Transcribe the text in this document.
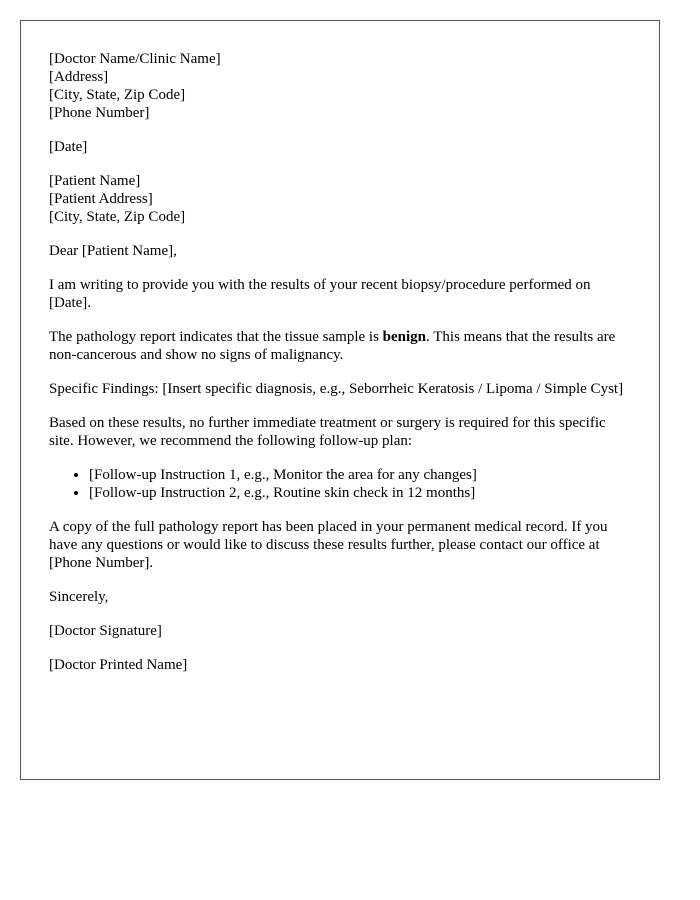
[Doctor Name/Clinic Name]
[Address]
[City, State, Zip Code]
[Phone Number]

[Date]

[Patient Name]
[Patient Address]
[City, State, Zip Code]

Dear [Patient Name],

I am writing to provide you with the results of your recent biopsy/procedure performed on [Date].

The pathology report indicates that the tissue sample is benign. This means that the results are non-cancerous and show no signs of malignancy.

Specific Findings: [Insert specific diagnosis, e.g., Seborrheic Keratosis / Lipoma / Simple Cyst]

Based on these results, no further immediate treatment or surgery is required for this specific site. However, we recommend the following follow-up plan:

• [Follow-up Instruction 1, e.g., Monitor the area for any changes]
• [Follow-up Instruction 2, e.g., Routine skin check in 12 months]

A copy of the full pathology report has been placed in your permanent medical record. If you have any questions or would like to discuss these results further, please contact our office at [Phone Number].

Sincerely,

[Doctor Signature]

[Doctor Printed Name]
